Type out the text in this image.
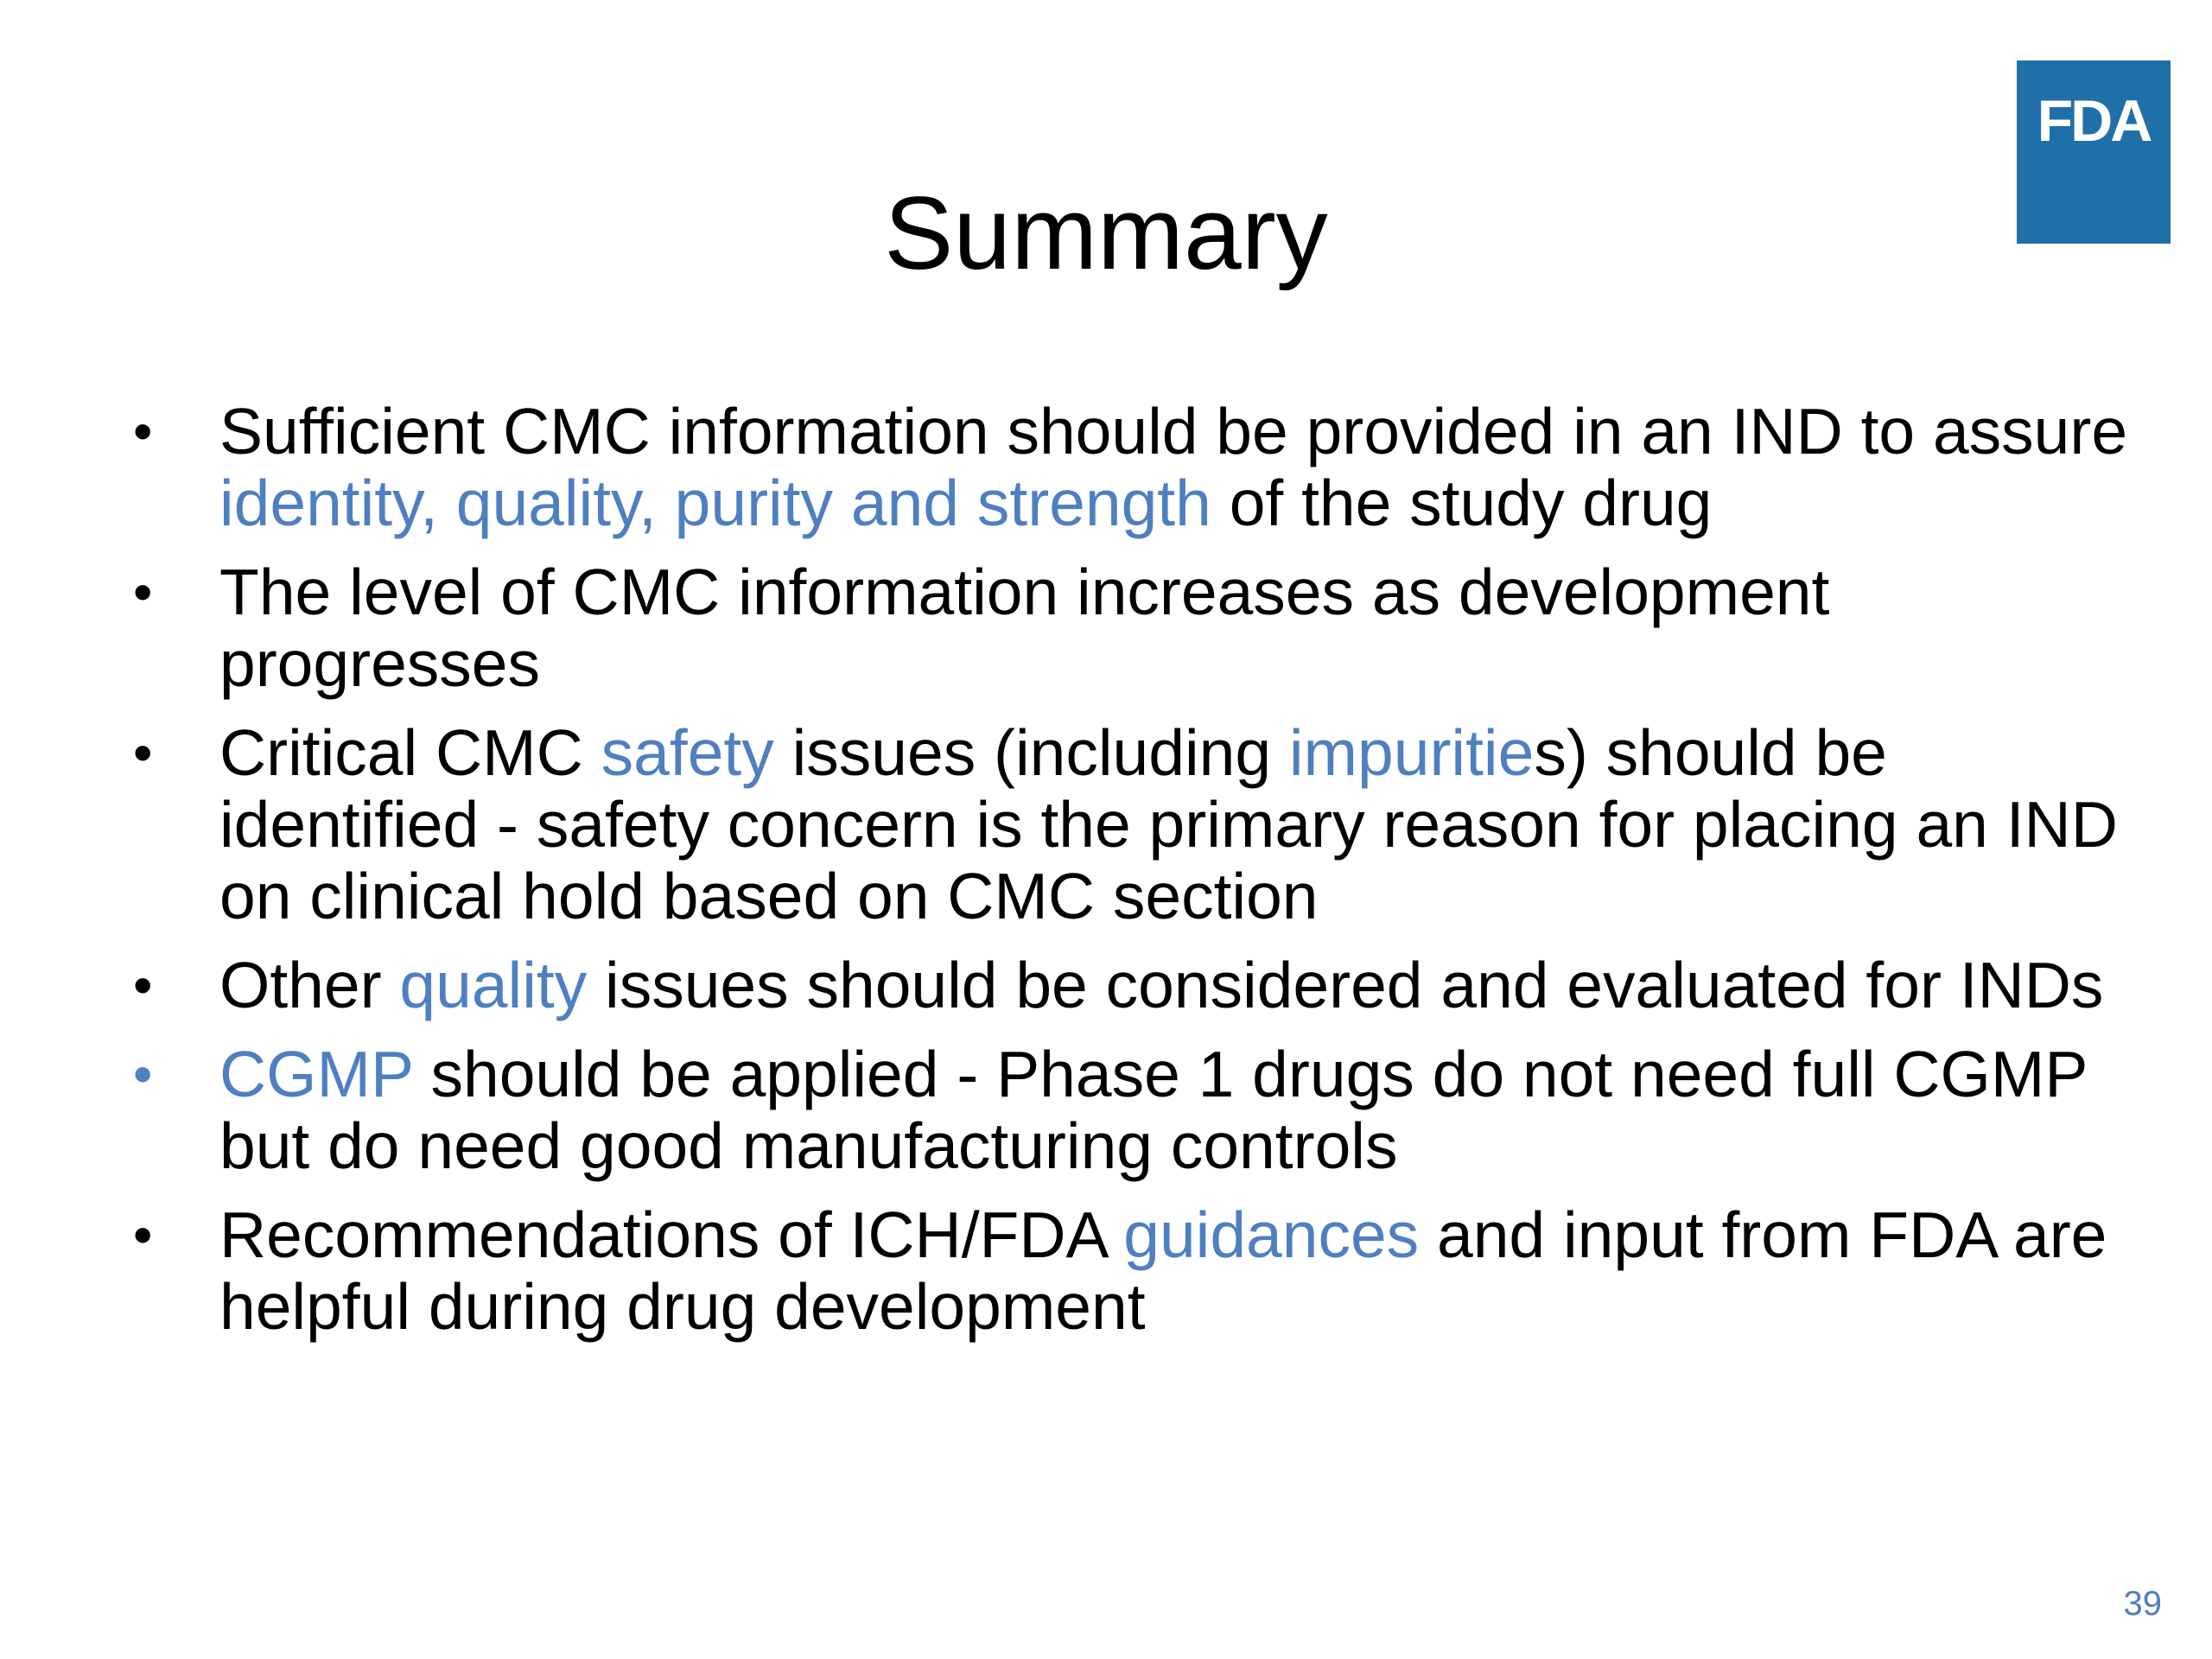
FDA
Summary
• Sufficient CMC information should be provided in an IND to assure identity, quality, purity and strength of the study drug
• The level of CMC information increases as development progresses
• Critical CMC safety issues (including impurities) should be identified - safety concern is the primary reason for placing an IND on clinical hold based on CMC section
• Other quality issues should be considered and evaluated for INDs
• CGMP should be applied - Phase 1 drugs do not need full CGMP but do need good manufacturing controls
• Recommendations of ICH/FDA guidances and input from FDA are helpful during drug development
39
